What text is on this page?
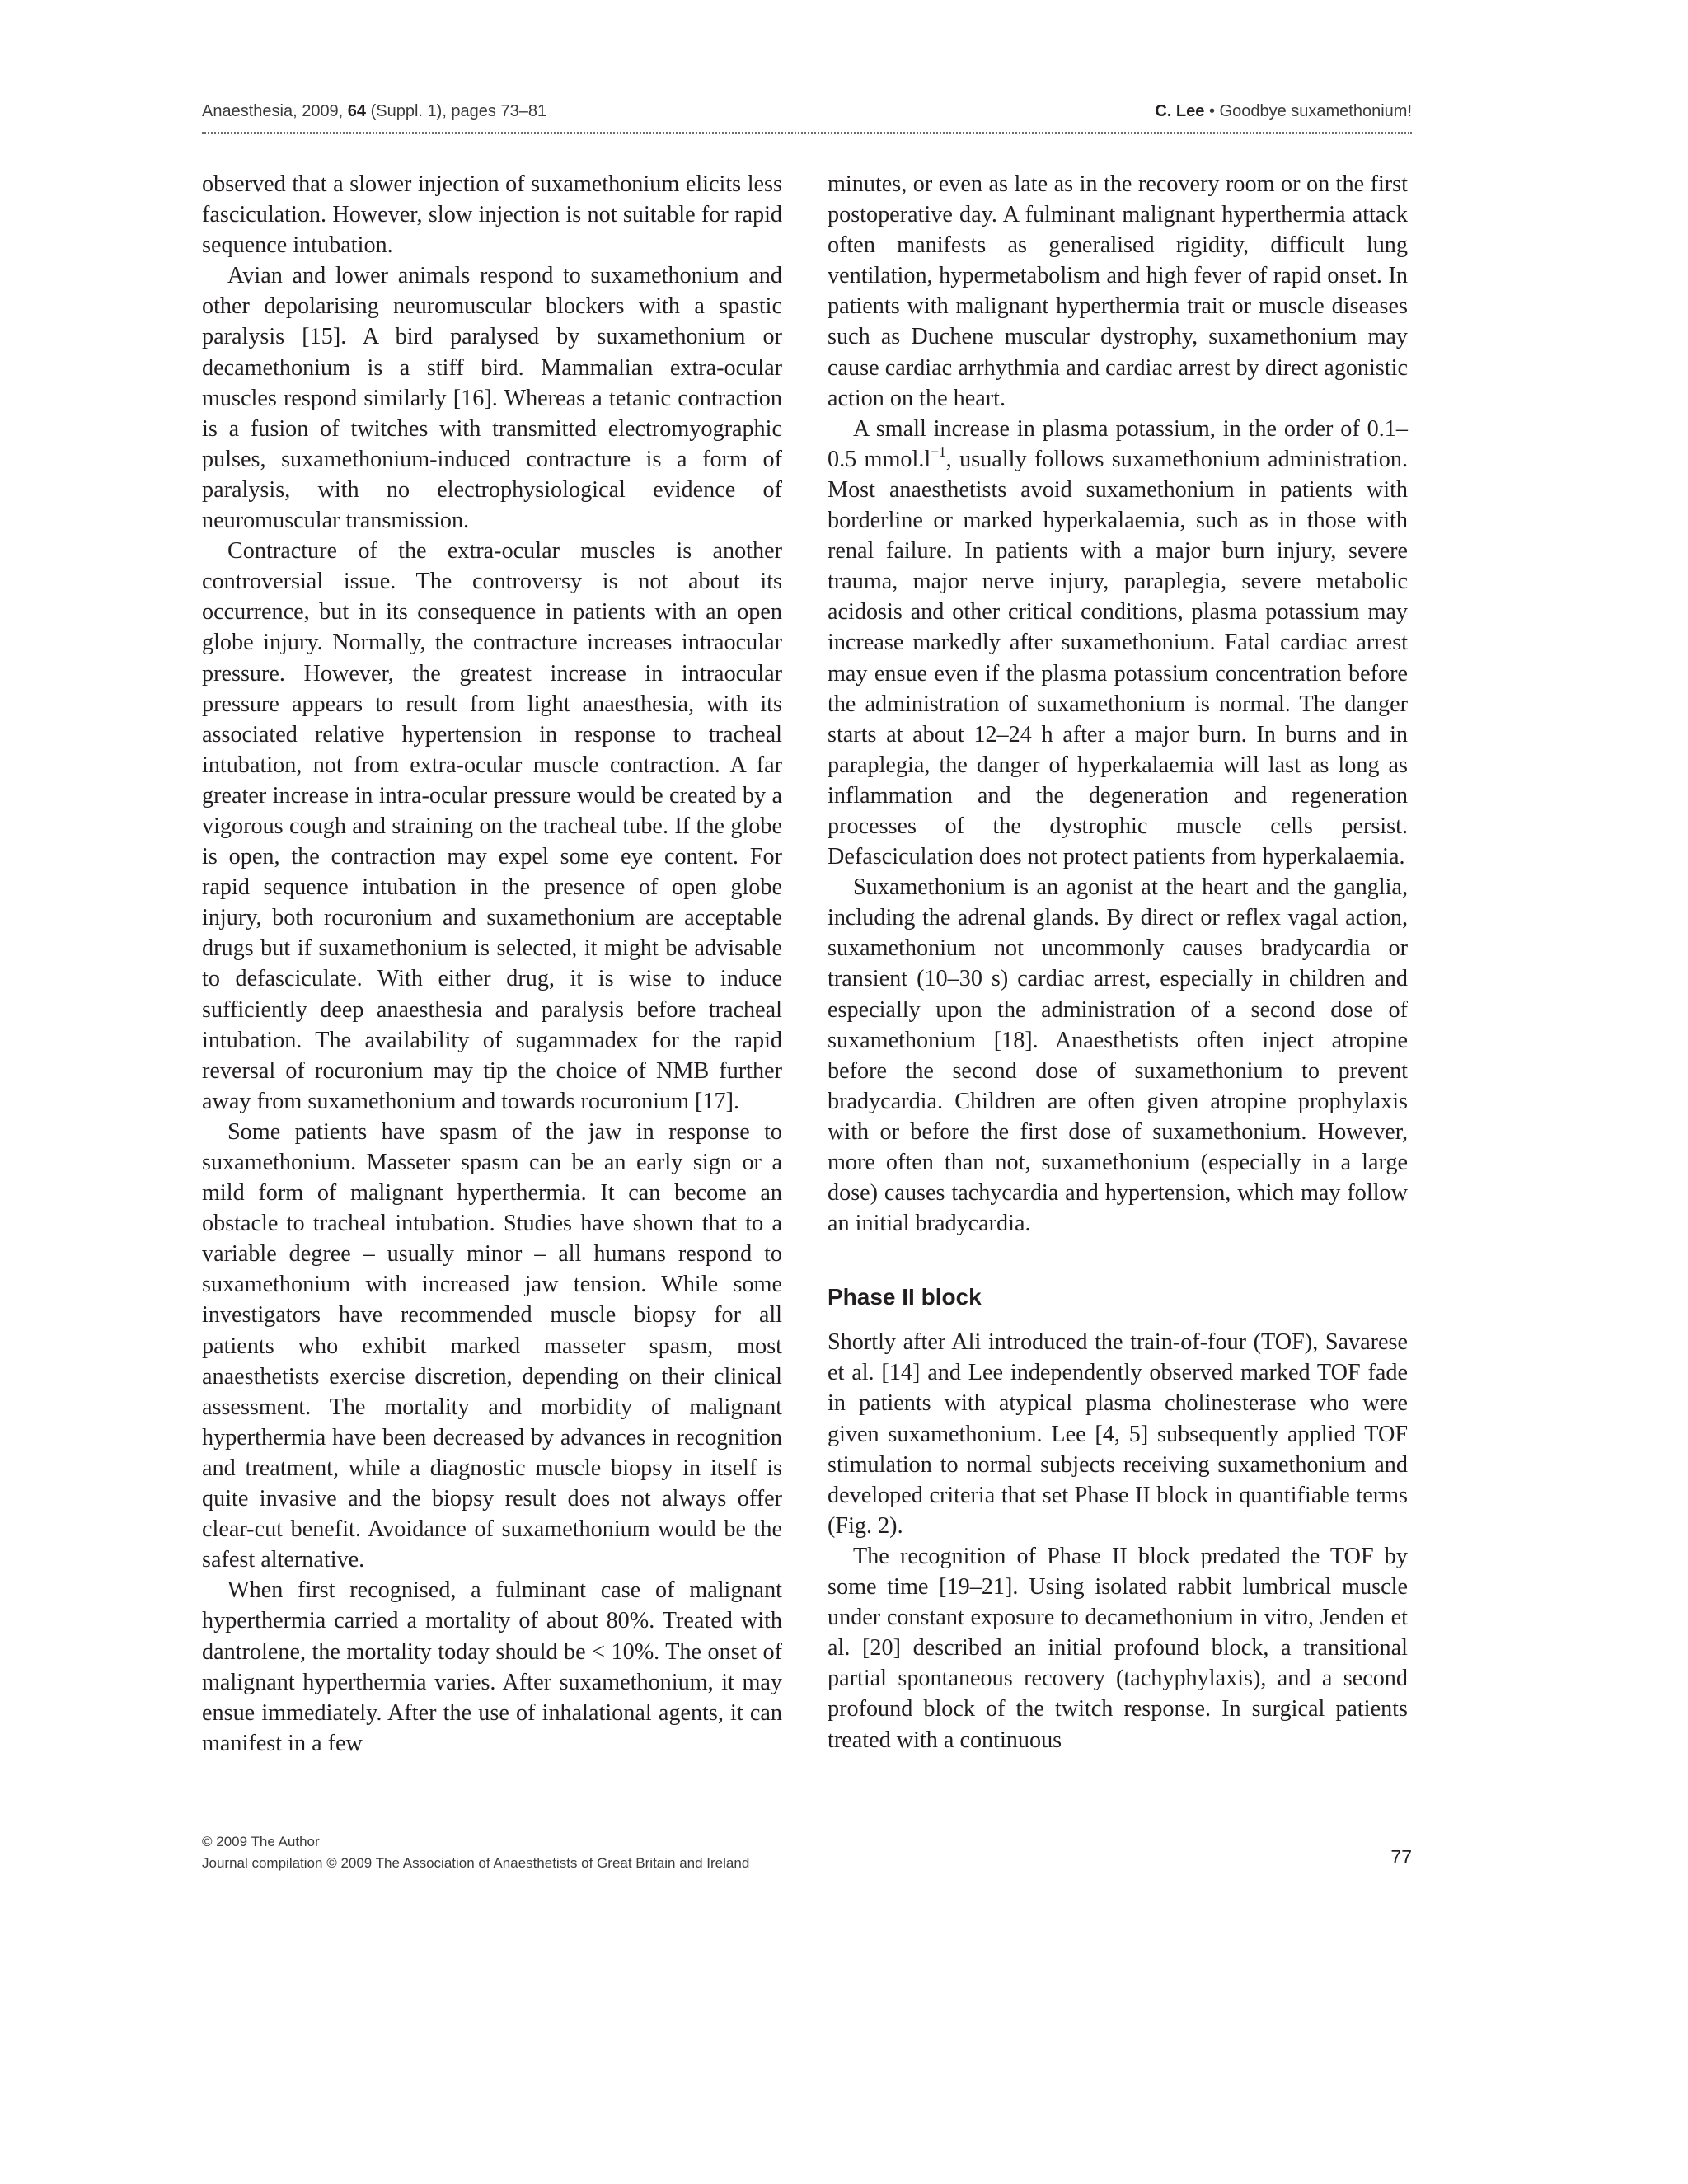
Anaesthesia, 2009, 64 (Suppl. 1), pages 73–81	C. Lee • Goodbye suxamethonium!

observed that a slower injection of suxamethonium elicits less fasciculation. However, slow injection is not suitable for rapid sequence intubation.

Avian and lower animals respond to suxamethonium and other depolarising neuromuscular blockers with a spastic paralysis [15]. A bird paralysed by suxamethonium or decamethonium is a stiff bird. Mammalian extra-ocular muscles respond similarly [16]. Whereas a tetanic contraction is a fusion of twitches with transmitted electromyographic pulses, suxamethonium-induced contracture is a form of paralysis, with no electrophysiological evidence of neuromuscular transmission.

Contracture of the extra-ocular muscles is another controversial issue. The controversy is not about its occurrence, but in its consequence in patients with an open globe injury. Normally, the contracture increases intraocular pressure. However, the greatest increase in intraocular pressure appears to result from light anaesthesia, with its associated relative hypertension in response to tracheal intubation, not from extra-ocular muscle contraction. A far greater increase in intra-ocular pressure would be created by a vigorous cough and straining on the tracheal tube. If the globe is open, the contraction may expel some eye content. For rapid sequence intubation in the presence of open globe injury, both rocuronium and suxamethonium are acceptable drugs but if suxamethonium is selected, it might be advisable to defasciculate. With either drug, it is wise to induce sufficiently deep anaesthesia and paralysis before tracheal intubation. The availability of sugammadex for the rapid reversal of rocuronium may tip the choice of NMB further away from suxamethonium and towards rocuronium [17].

Some patients have spasm of the jaw in response to suxamethonium. Masseter spasm can be an early sign or a mild form of malignant hyperthermia. It can become an obstacle to tracheal intubation. Studies have shown that to a variable degree – usually minor – all humans respond to suxamethonium with increased jaw tension. While some investigators have recommended muscle biopsy for all patients who exhibit marked masseter spasm, most anaesthetists exercise discretion, depending on their clinical assessment. The mortality and morbidity of malignant hyperthermia have been decreased by advances in recognition and treatment, while a diagnostic muscle biopsy in itself is quite invasive and the biopsy result does not always offer clear-cut benefit. Avoidance of suxamethonium would be the safest alternative.

When first recognised, a fulminant case of malignant hyperthermia carried a mortality of about 80%. Treated with dantrolene, the mortality today should be < 10%. The onset of malignant hyperthermia varies. After suxamethonium, it may ensue immediately. After the use of inhalational agents, it can manifest in a few

minutes, or even as late as in the recovery room or on the first postoperative day. A fulminant malignant hyperthermia attack often manifests as generalised rigidity, difficult lung ventilation, hypermetabolism and high fever of rapid onset. In patients with malignant hyperthermia trait or muscle diseases such as Duchene muscular dystrophy, suxamethonium may cause cardiac arrhythmia and cardiac arrest by direct agonistic action on the heart.

A small increase in plasma potassium, in the order of 0.1–0.5 $mmol.l^{-1}$, usually follows suxamethonium administration. Most anaesthetists avoid suxamethonium in patients with borderline or marked hyperkalaemia, such as in those with renal failure. In patients with a major burn injury, severe trauma, major nerve injury, paraplegia, severe metabolic acidosis and other critical conditions, plasma potassium may increase markedly after suxamethonium. Fatal cardiac arrest may ensue even if the plasma potassium concentration before the administration of suxamethonium is normal. The danger starts at about 12–24 h after a major burn. In burns and in paraplegia, the danger of hyperkalaemia will last as long as inflammation and the degeneration and regeneration processes of the dystrophic muscle cells persist. Defasciculation does not protect patients from hyperkalaemia.

Suxamethonium is an agonist at the heart and the ganglia, including the adrenal glands. By direct or reflex vagal action, suxamethonium not uncommonly causes bradycardia or transient (10–30 s) cardiac arrest, especially in children and especially upon the administration of a second dose of suxamethonium [18]. Anaesthetists often inject atropine before the second dose of suxamethonium to prevent bradycardia. Children are often given atropine prophylaxis with or before the first dose of suxamethonium. However, more often than not, suxamethonium (especially in a large dose) causes tachycardia and hypertension, which may follow an initial bradycardia.

Phase II block

Shortly after Ali introduced the train-of-four (TOF), Savarese et al. [14] and Lee independently observed marked TOF fade in patients with atypical plasma cholinesterase who were given suxamethonium. Lee [4, 5] subsequently applied TOF stimulation to normal subjects receiving suxamethonium and developed criteria that set Phase II block in quantifiable terms (Fig. 2).

The recognition of Phase II block predated the TOF by some time [19–21]. Using isolated rabbit lumbrical muscle under constant exposure to decamethonium in vitro, Jenden et al. [20] described an initial profound block, a transitional partial spontaneous recovery (tachyphylaxis), and a second profound block of the twitch response. In surgical patients treated with a continuous

© 2009 The Author
Journal compilation © 2009 The Association of Anaesthetists of Great Britain and Ireland	77
